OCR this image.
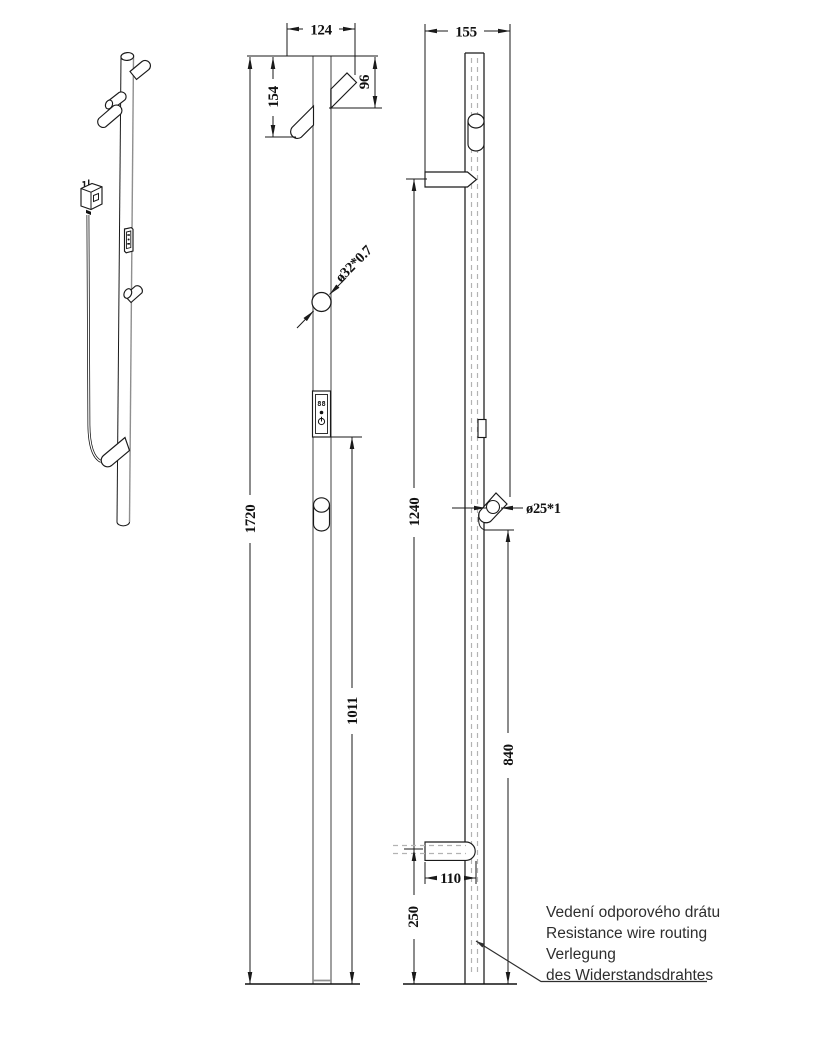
124
154
96
ø32*0.7
88
1011
1720
155
1240	ø25*1
840
110
250	Vedení odporového drátu
Resistance wire routing
Verlegung
des Widerstandsdrahtes
